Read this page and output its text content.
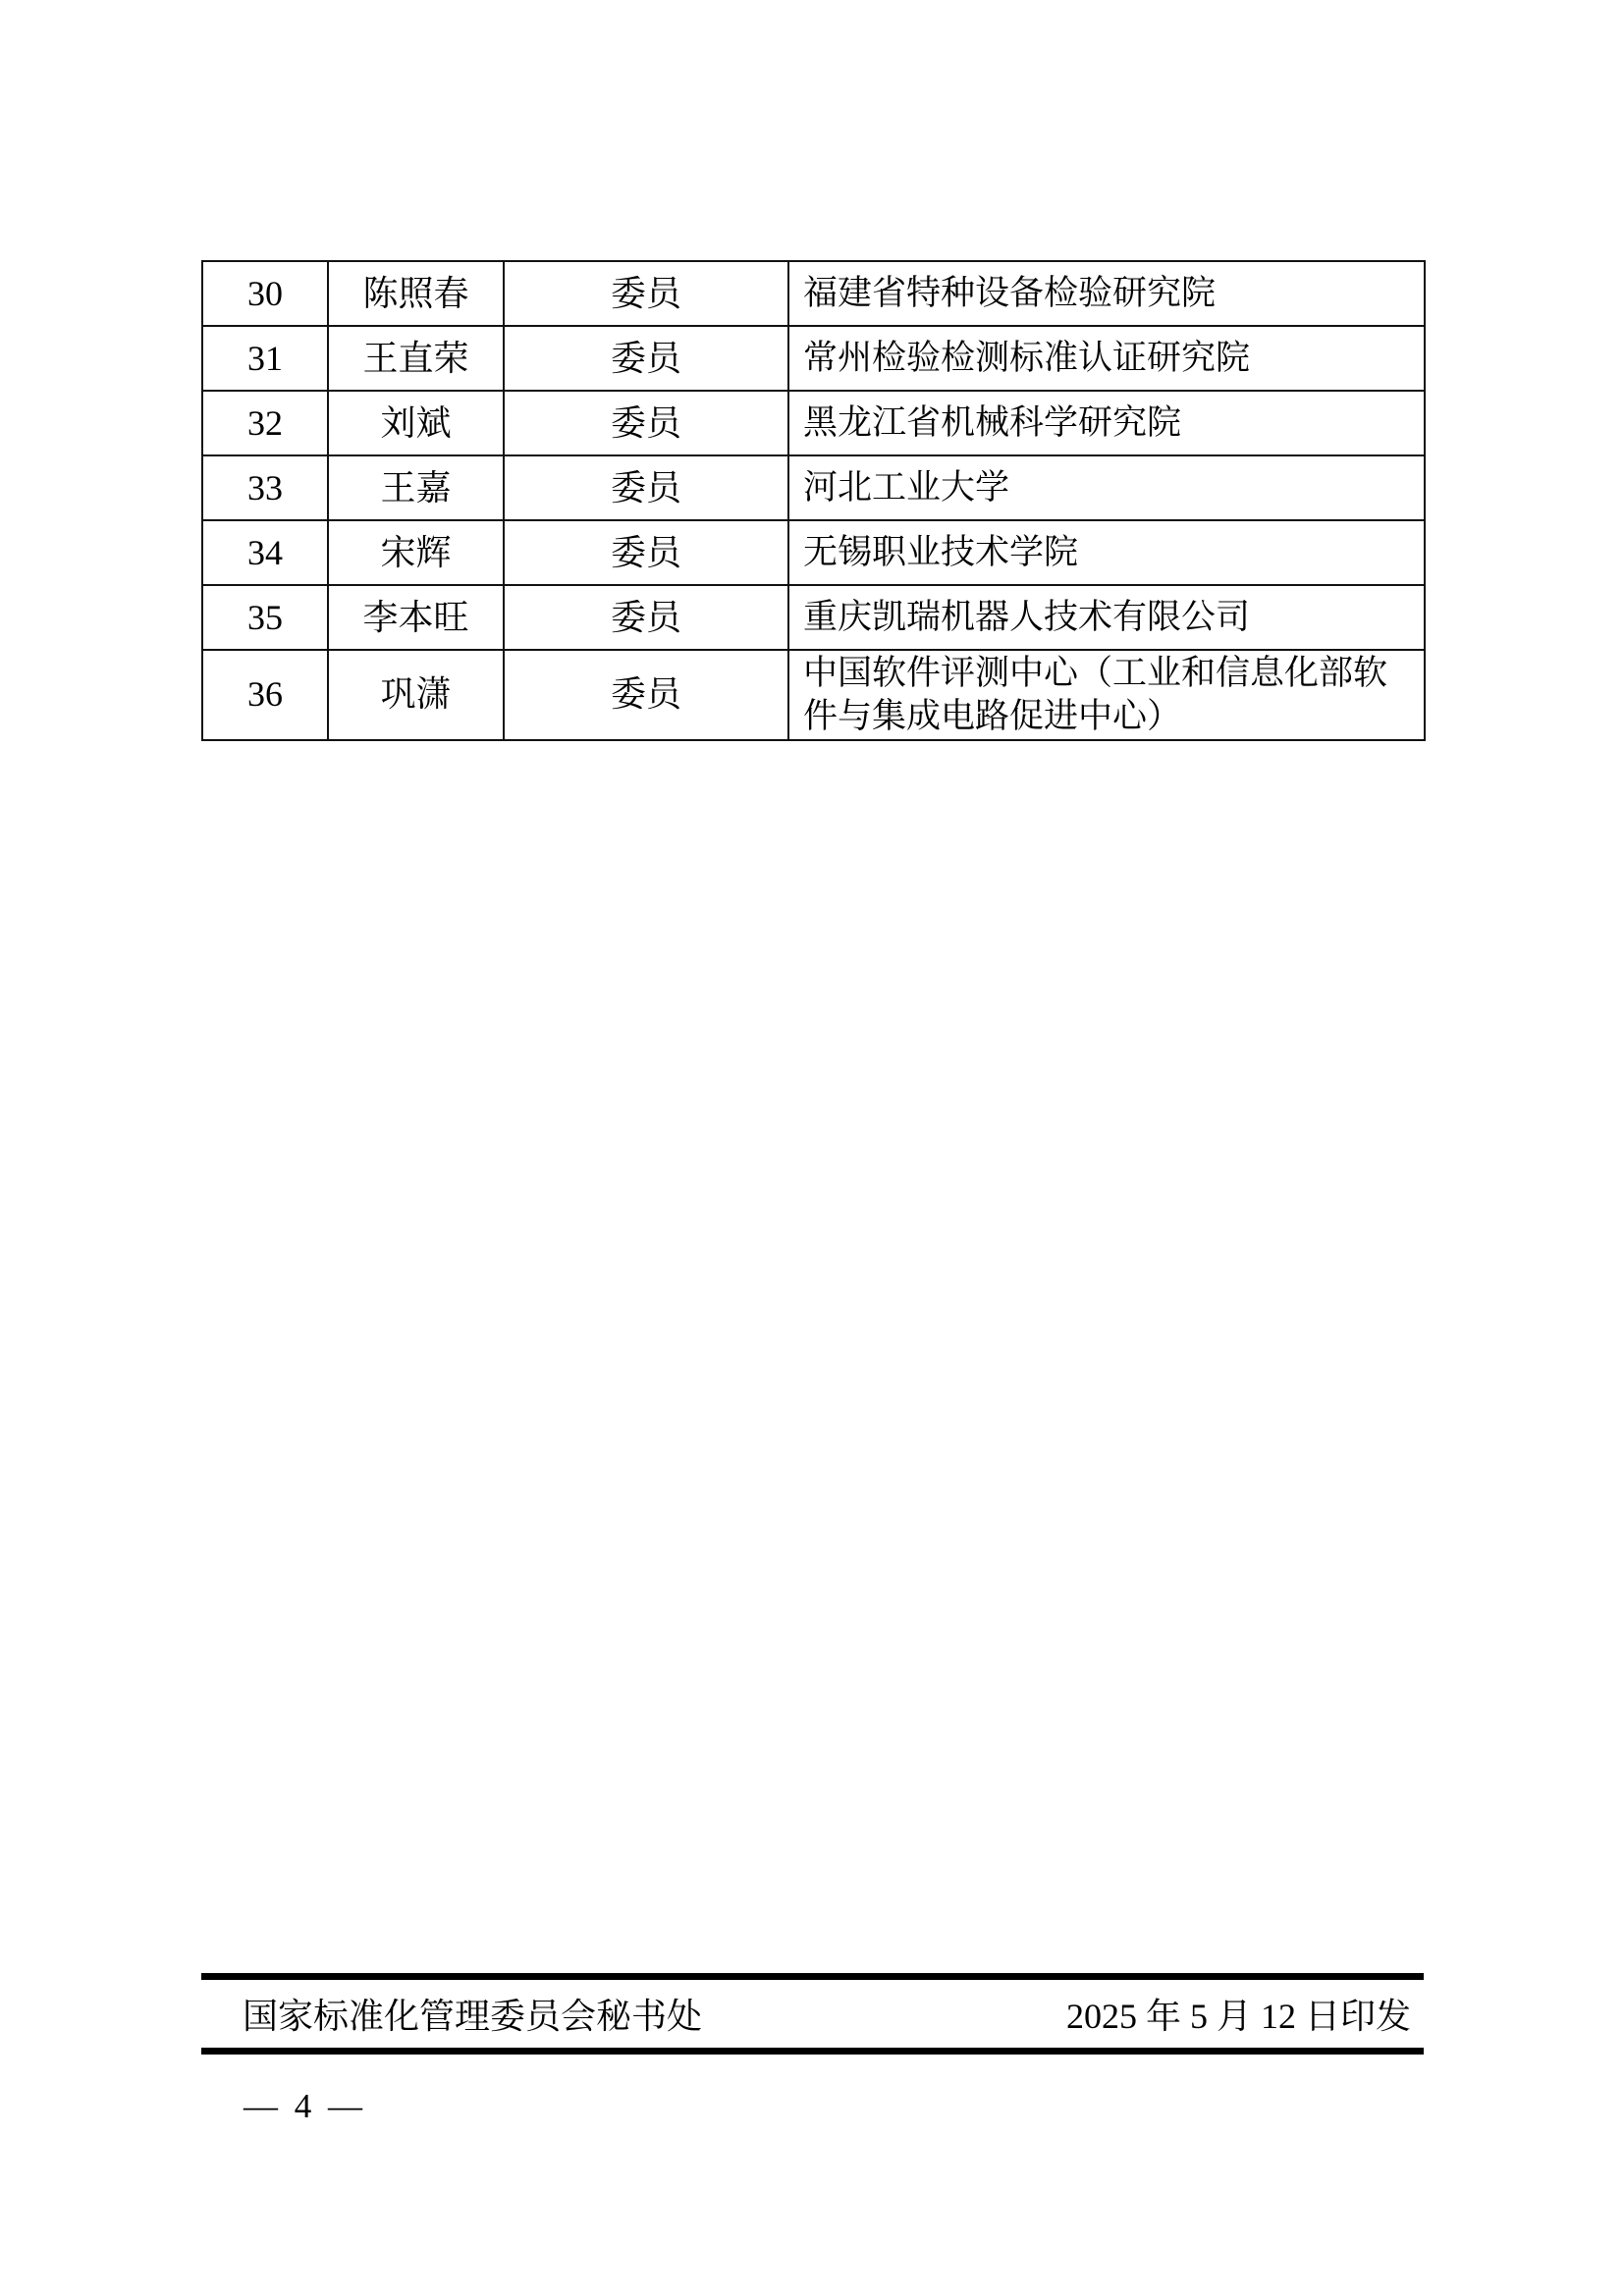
30	陈照春	委员	福建省特种设备检验研究院
31	王直荣	委员	常州检验检测标准认证研究院
32	刘斌	委员	黑龙江省机械科学研究院
33	王嘉	委员	河北工业大学
34	宋辉	委员	无锡职业技术学院
35	李本旺	委员	重庆凯瑞机器人技术有限公司
36	巩潇	委员	中国软件评测中心（工业和信息化部软件与集成电路促进中心）
国家标准化管理委员会秘书处	2025 年 5 月 12 日印发
— 4 —
